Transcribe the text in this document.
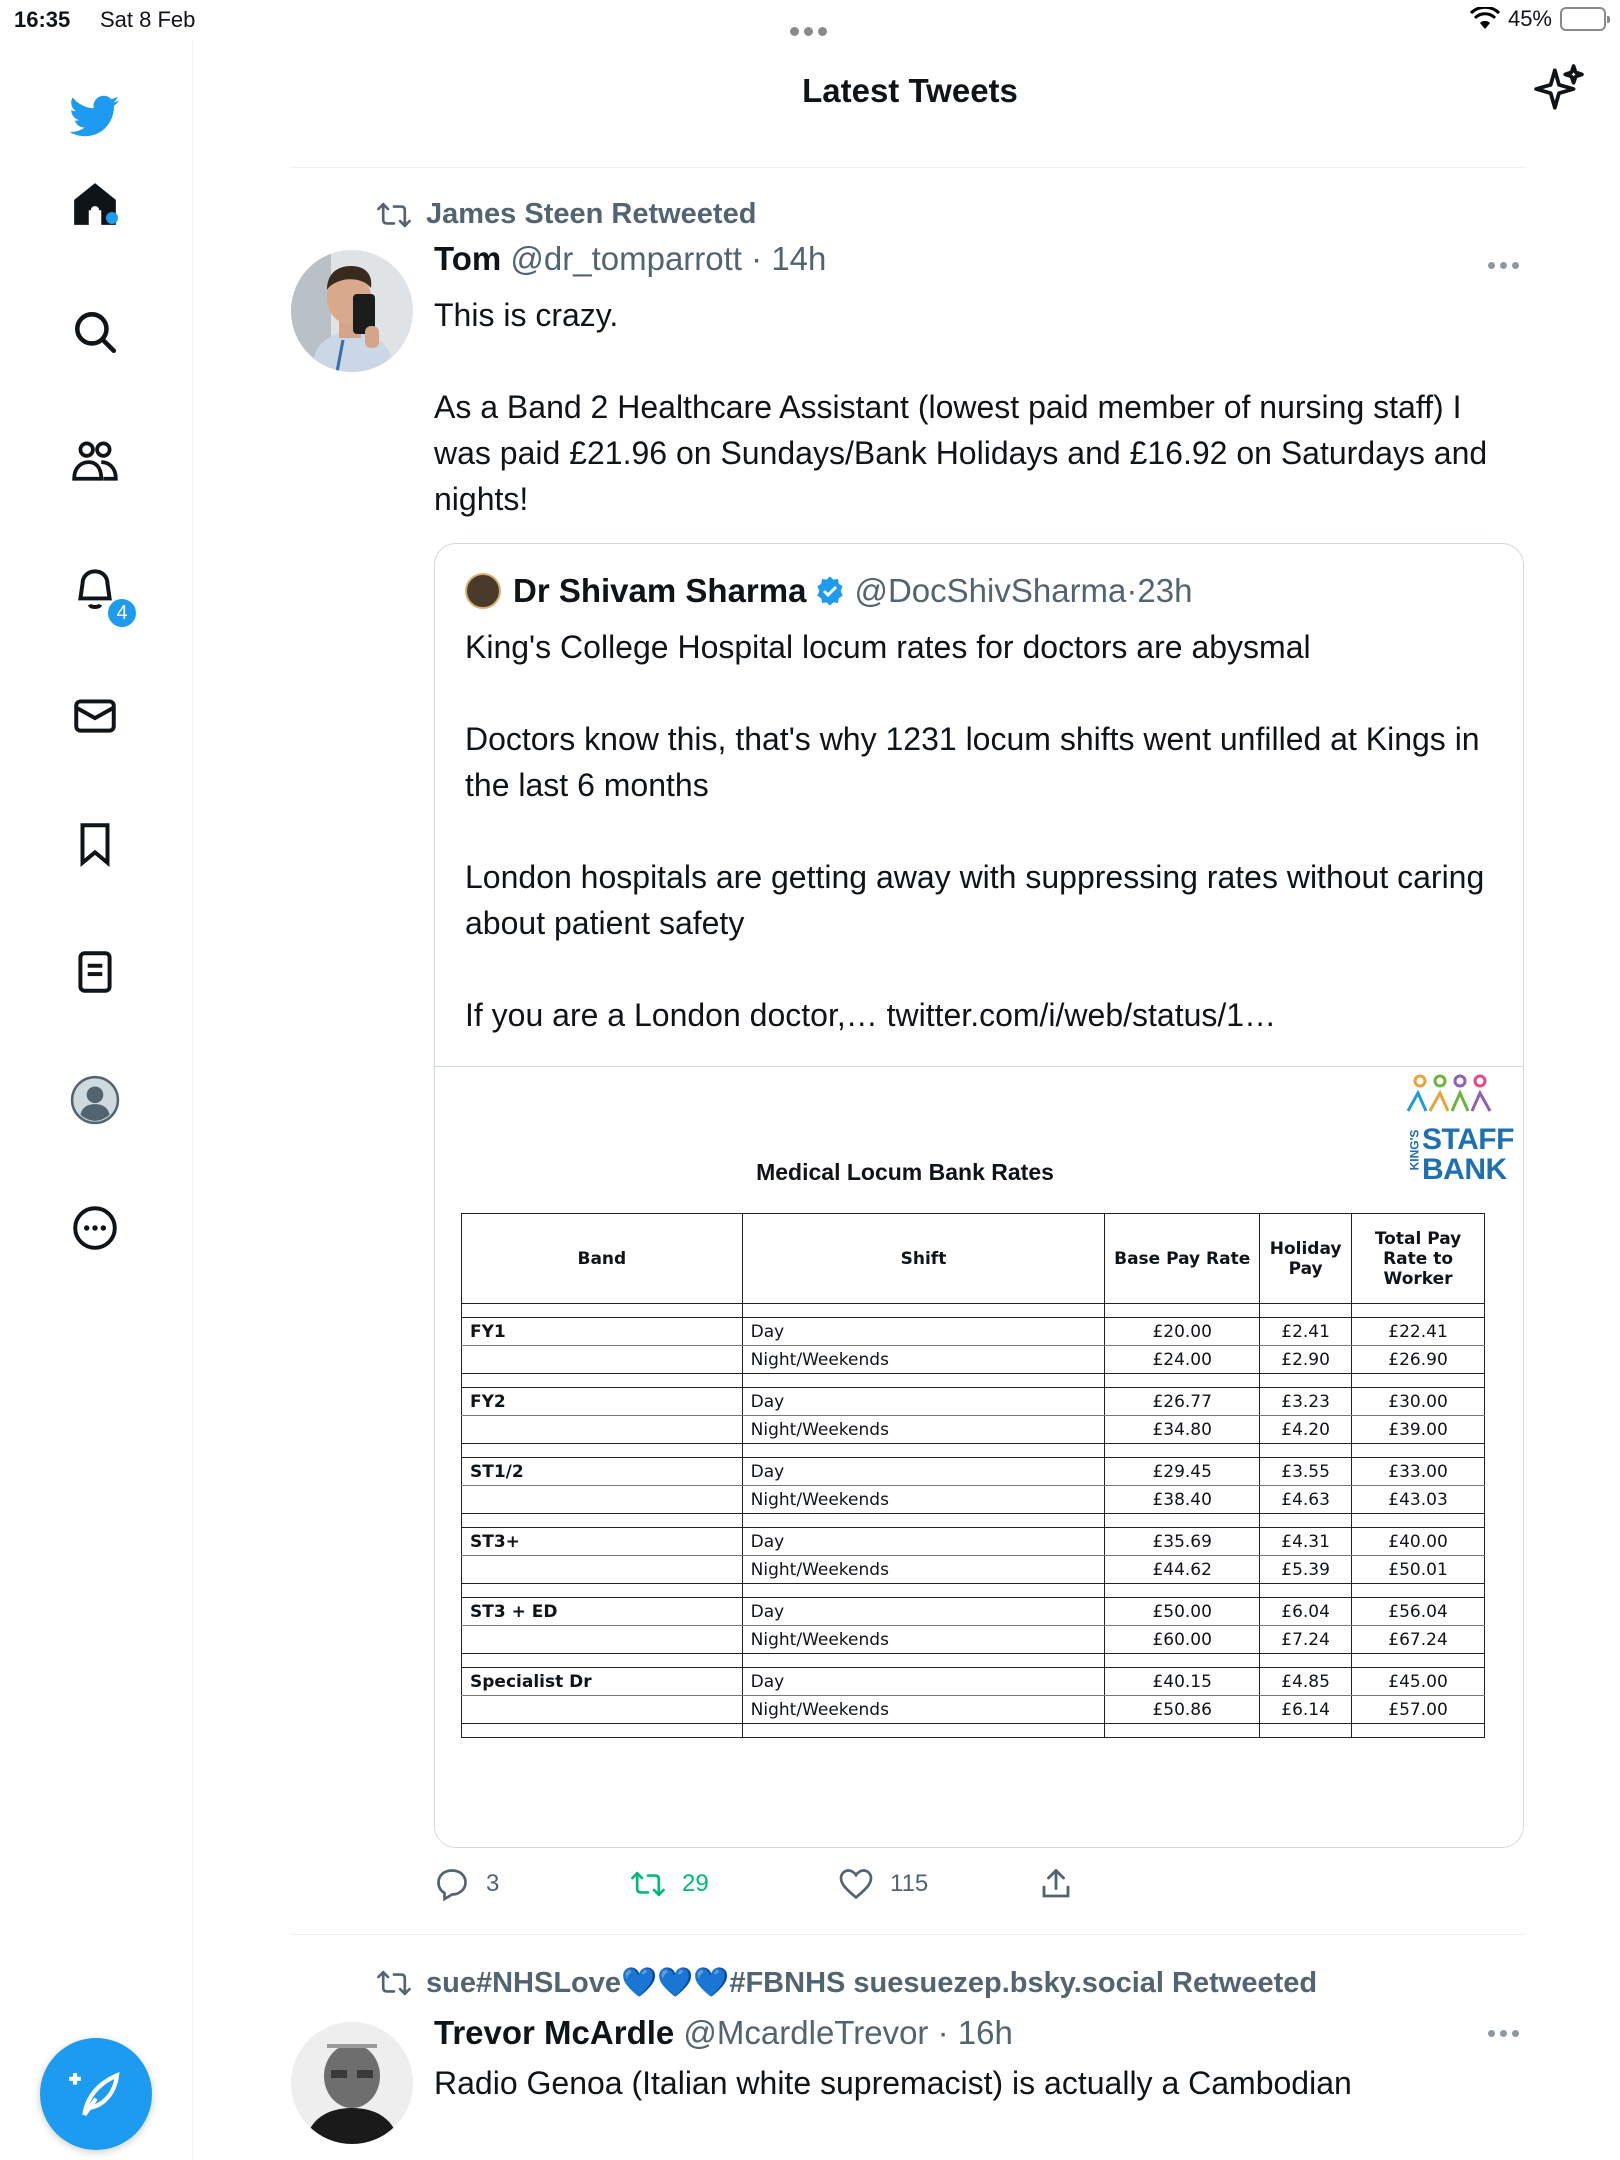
16:35 Sat 8 Feb	45%
4
Latest Tweets
James Steen Retweeted
Tom @dr_tomparrott · 14h
This is crazy.

As a Band 2 Healthcare Assistant (lowest paid member of nursing staff) I was paid £21.96 on Sundays/Bank Holidays and £16.92 on Saturdays and nights!
Dr Shivam Sharma @DocShivSharma · 23h
King's College Hospital locum rates for doctors are abysmal

Doctors know this, that's why 1231 locum shifts went unfilled at Kings in the last 6 months

London hospitals are getting away with suppressing rates without caring about patient safety

If you are a London doctor,… twitter.com/i/web/status/1…
KING'S STAFF
BANK
Medical Locum Bank Rates
Band	Shift	Base Pay Rate	Holiday Pay	Total Pay Rate to Worker

FY1	Day	£20.00	£2.41	£22.41
	Night/Weekends	£24.00	£2.90	£26.90

FY2	Day	£26.77	£3.23	£30.00
	Night/Weekends	£34.80	£4.20	£39.00

ST1/2	Day	£29.45	£3.55	£33.00
	Night/Weekends	£38.40	£4.63	£43.03

ST3+	Day	£35.69	£4.31	£40.00
	Night/Weekends	£44.62	£5.39	£50.01

ST3 + ED	Day	£50.00	£6.04	£56.04
	Night/Weekends	£60.00	£7.24	£67.24

Specialist Dr	Day	£40.15	£4.85	£45.00
	Night/Weekends	£50.86	£6.14	£57.00

3	29	115
sue#NHSLove💙💙💙#FBNHS suesuezep.bsky.social Retweeted
Trevor McArdle @McardleTrevor · 16h
Radio Genoa (Italian white supremacist) is actually a Cambodian
